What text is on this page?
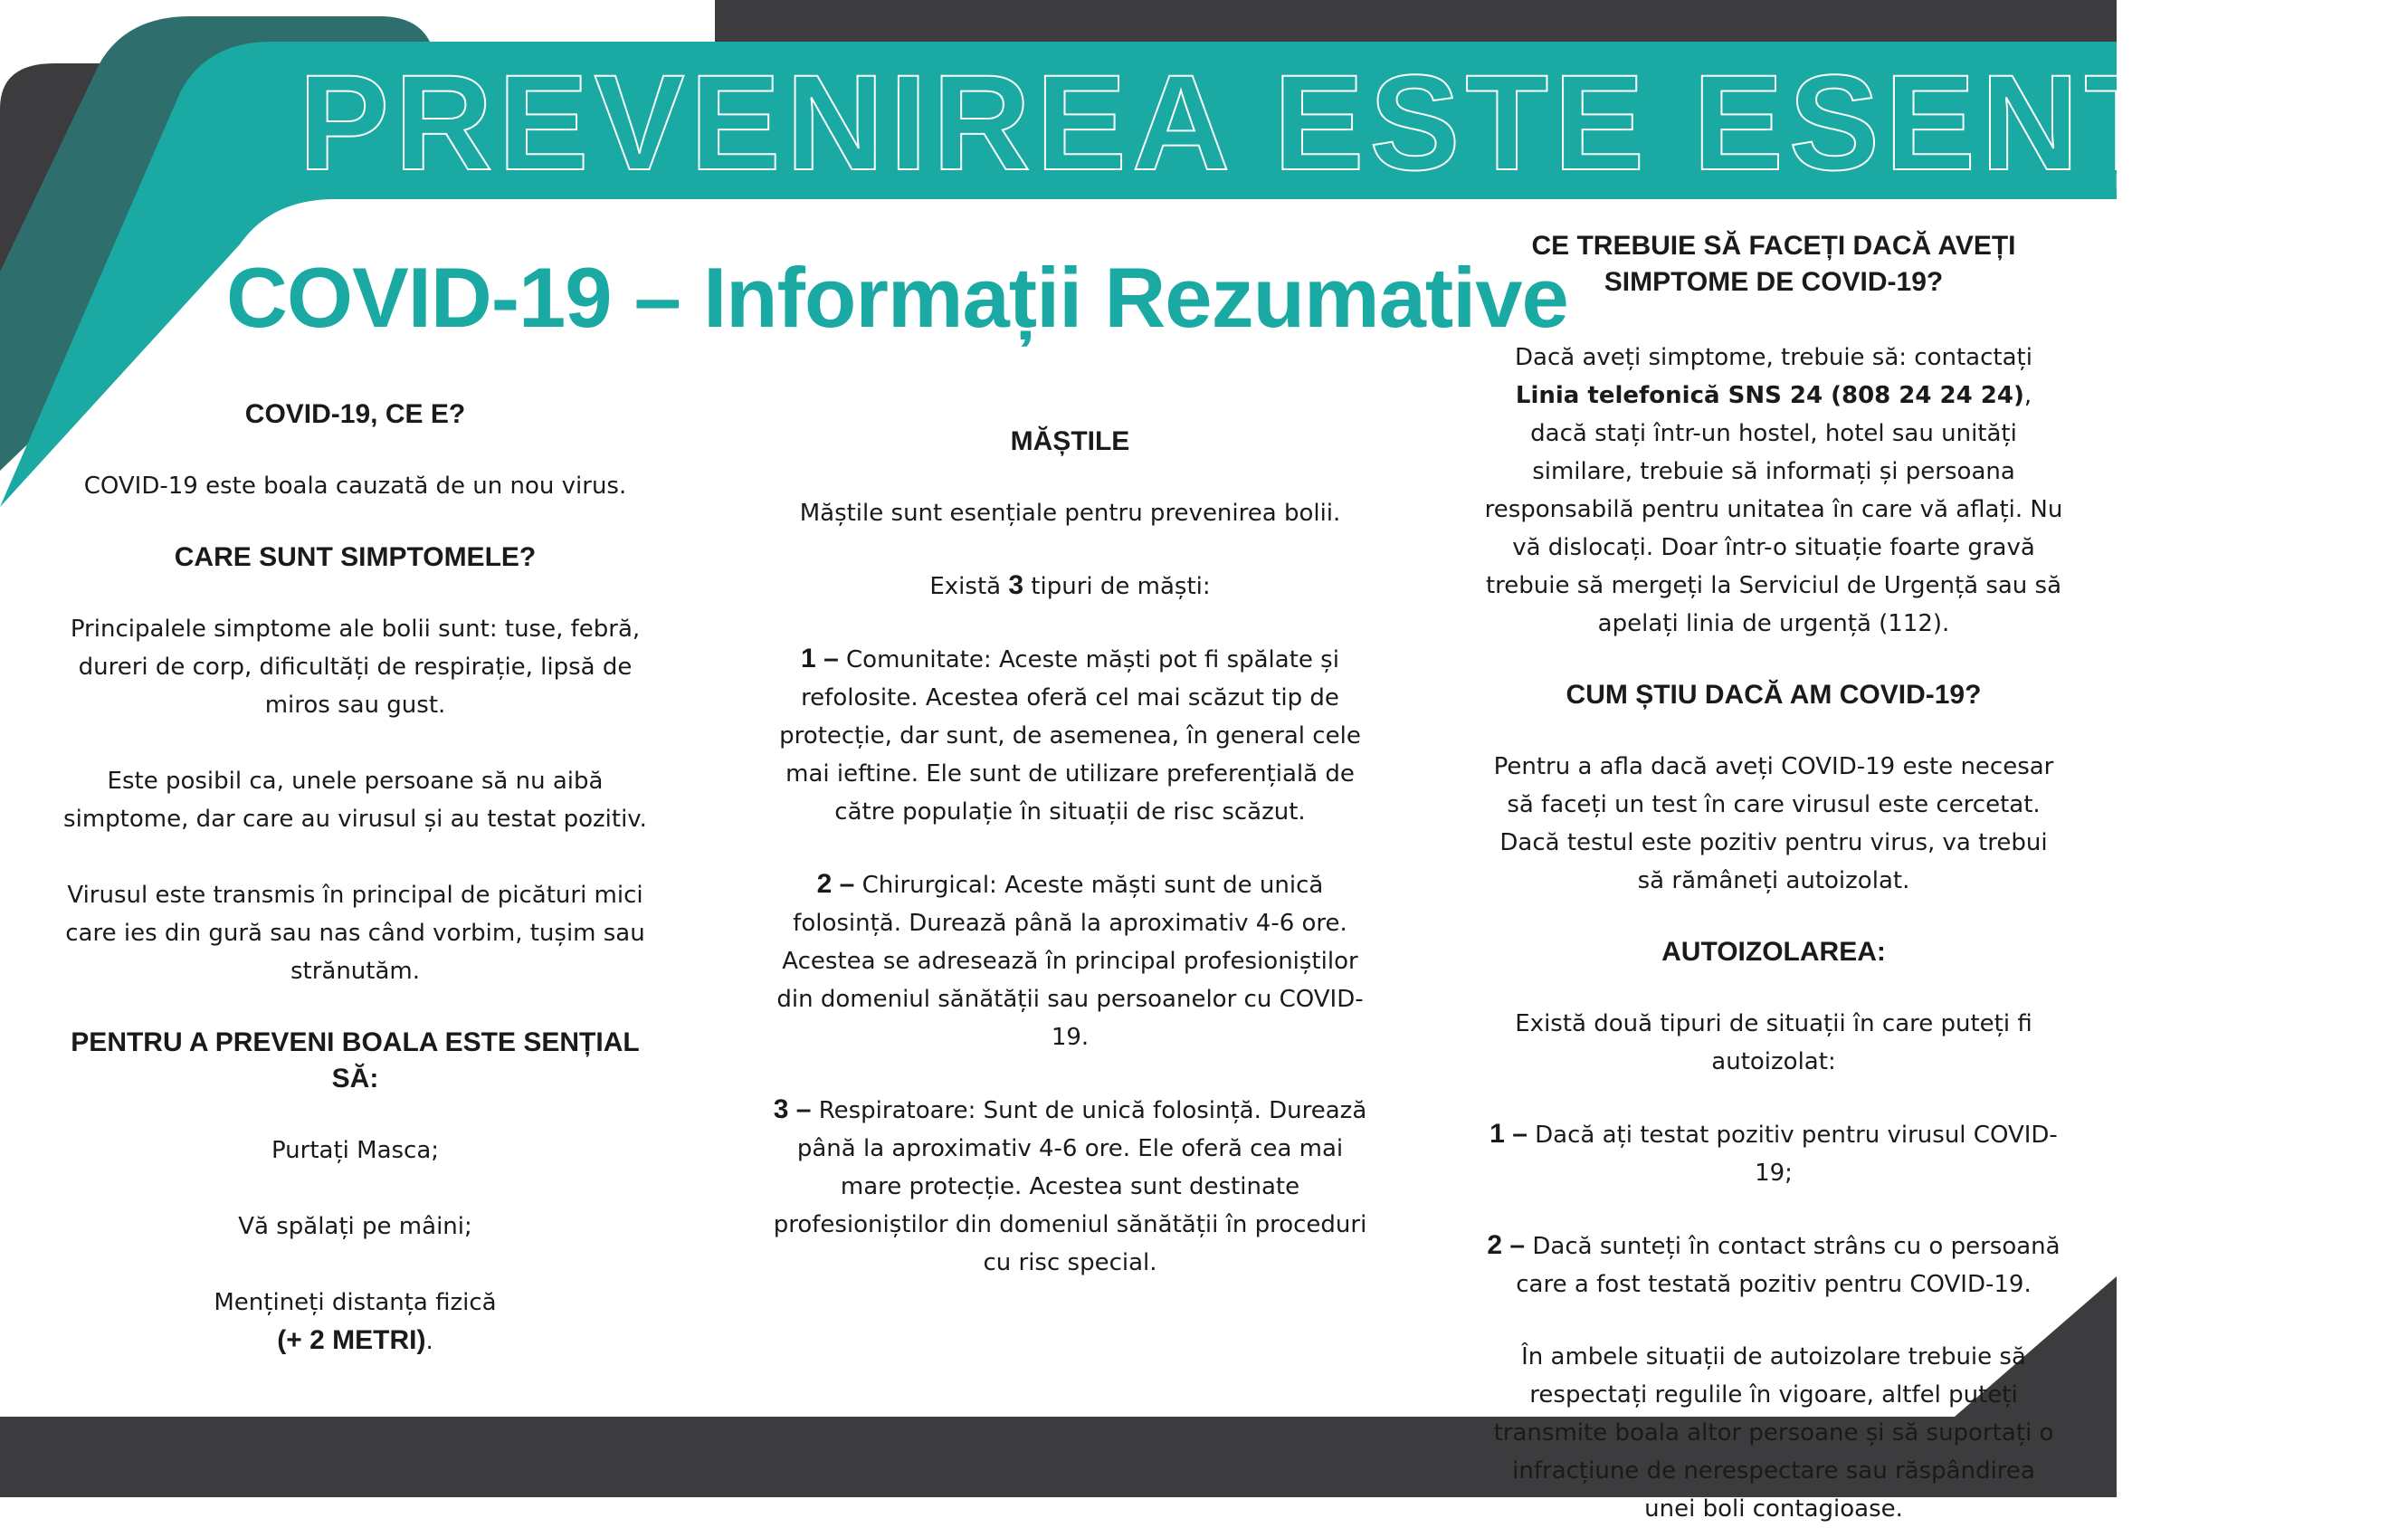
PREVENIREA ESTE ESENȚIAL
COVID-19 – Informații Rezumative

COVID-19, CE E?

COVID-19 este boala cauzată de un nou virus.

CARE SUNT SIMPTOMELE?

Principalele simptome ale bolii sunt: tuse, febră, dureri de corp, dificultăți de respirație, lipsă de miros sau gust.

Este posibil ca, unele persoane să nu aibă simptome, dar care au virusul și au testat pozitiv.

Virusul este transmis în principal de picături mici care ies din gură sau nas când vorbim, tușim sau strănutăm.

PENTRU A PREVENI BOALA ESTE SENȚIAL SĂ:

Purtați Masca;

Vă spălați pe mâini;

Mențineți distanța fizică
(+ 2 METRI).

MĂȘTILE

Măștile sunt esențiale pentru prevenirea bolii.

Există 3 tipuri de măști:

1 – Comunitate: Aceste măști pot fi spălate și refolosite. Acestea oferă cel mai scăzut tip de protecție, dar sunt, de asemenea, în general cele mai ieftine. Ele sunt de utilizare preferențială de către populație în situații de risc scăzut.

2 – Chirurgical: Aceste măști sunt de unică folosință. Durează până la aproximativ 4-6 ore. Acestea se adresează în principal profesioniștilor din domeniul sănătății sau persoanelor cu COVID-19.

3 – Respiratoare: Sunt de unică folosință. Durează până la aproximativ 4-6 ore. Ele oferă cea mai mare protecție. Acestea sunt destinate profesioniștilor din domeniul sănătății în proceduri cu risc special.

CE TREBUIE SĂ FACEȚI DACĂ AVEȚI SIMPTOME DE COVID-19?

Dacă aveți simptome, trebuie să: contactați Linia telefonică SNS 24 (808 24 24 24), dacă stați într-un hostel, hotel sau unități similare, trebuie să informați și persoana responsabilă pentru unitatea în care vă aflați. Nu vă dislocați. Doar într-o situație foarte gravă trebuie să mergeți la Serviciul de Urgență sau să apelați linia de urgență (112).

CUM ȘTIU DACĂ AM COVID-19?

Pentru a afla dacă aveți COVID-19 este necesar să faceți un test în care virusul este cercetat. Dacă testul este pozitiv pentru virus, va trebui să rămâneți autoizolat.

AUTOIZOLAREA:

Există două tipuri de situații în care puteți fi autoizolat:

1 – Dacă ați testat pozitiv pentru virusul COVID-19;

2 – Dacă sunteți în contact strâns cu o persoană care a fost testată pozitiv pentru COVID-19.

În ambele situații de autoizolare trebuie să respectați regulile în vigoare, altfel puteți transmite boala altor persoane și să suportați o infracțiune de nerespectare sau răspândirea unei boli contagioase.
